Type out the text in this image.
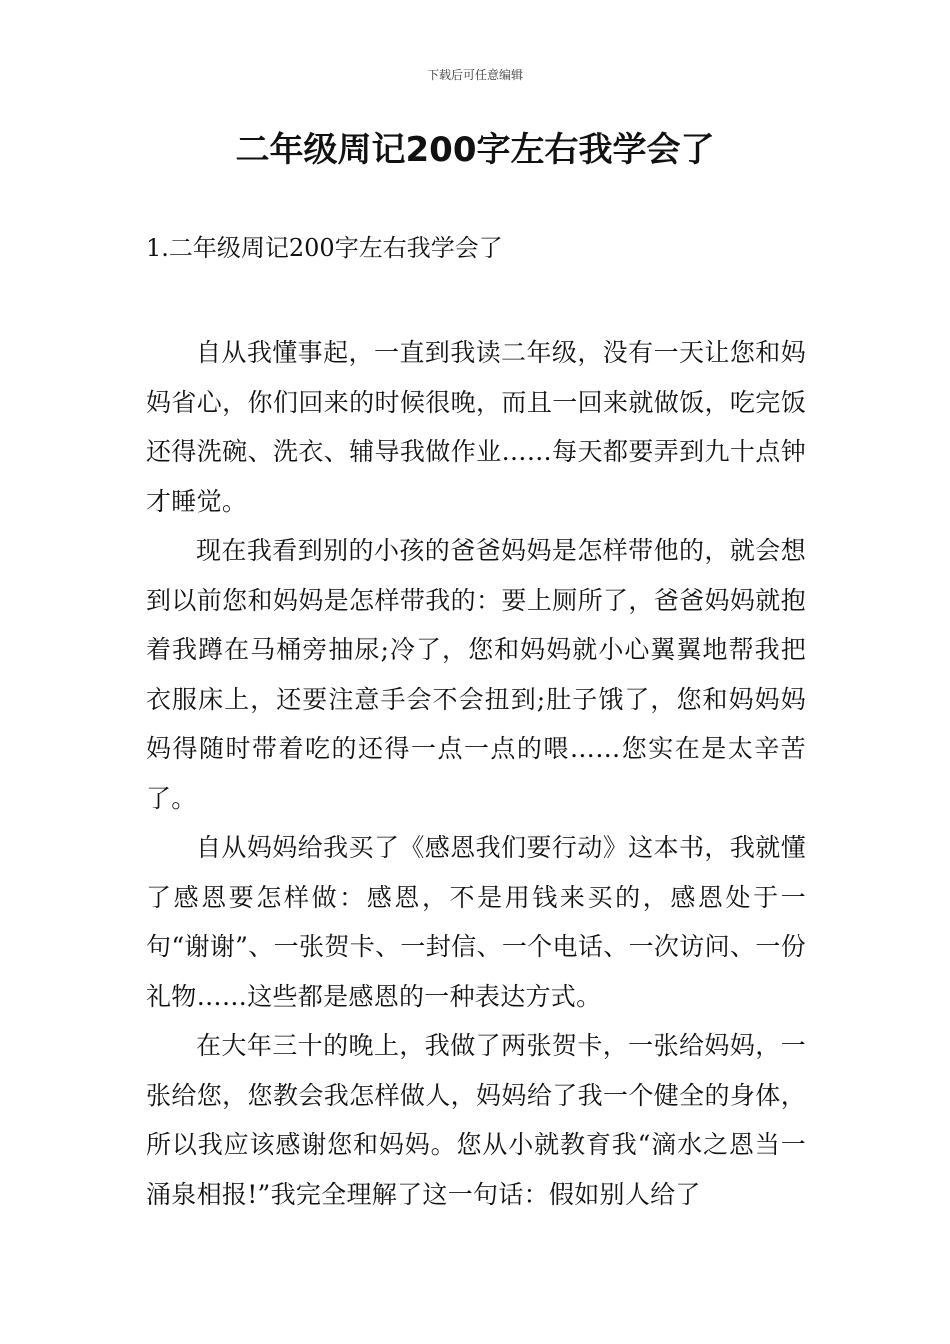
下载后可任意编辑
二年级周记200字左右我学会了
1.二年级周记200字左右我学会了

自从我懂事起，一直到我读二年级，没有一天让您和妈妈省心，你们回来的时候很晚，而且一回来就做饭，吃完饭还得洗碗、洗衣、辅导我做作业……每天都要弄到九十点钟才睡觉。

现在我看到别的小孩的爸爸妈妈是怎样带他的，就会想到以前您和妈妈是怎样带我的：要上厕所了，爸爸妈妈就抱着我蹲在马桶旁抽尿;冷了，您和妈妈就小心翼翼地帮我把衣服床上，还要注意手会不会扭到;肚子饿了，您和妈妈妈妈得随时带着吃的还得一点一点的喂……您实在是太辛苦了。

自从妈妈给我买了《感恩我们要行动》这本书，我就懂了感恩要怎样做：感恩，不是用钱来买的，感恩处于一句“谢谢”、一张贺卡、一封信、一个电话、一次访问、一份礼物……这些都是感恩的一种表达方式。

在大年三十的晚上，我做了两张贺卡，一张给妈妈，一张给您，您教会我怎样做人，妈妈给了我一个健全的身体，所以我应该感谢您和妈妈。您从小就教育我“滴水之恩当一涌泉相报!”我完全理解了这一句话：假如别人给了
